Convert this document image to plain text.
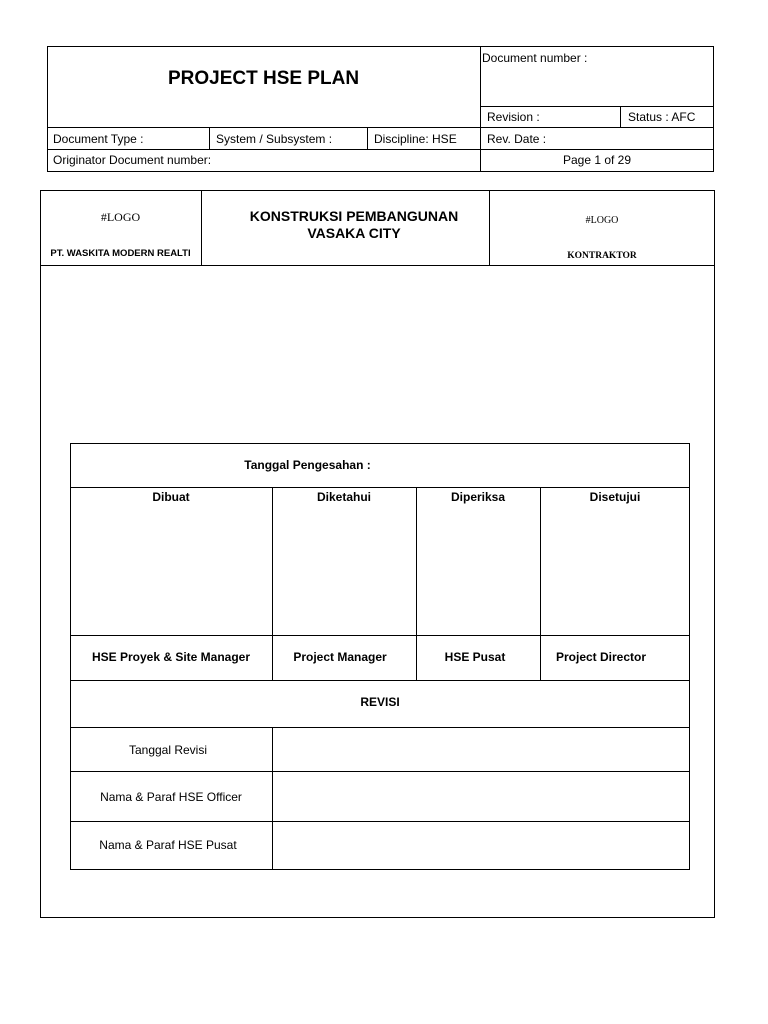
PROJECT HSE PLAN
Document number :
Revision :	Status : AFC
Document Type :	System / Subsystem :	Discipline: HSE	Rev. Date :
Originator Document number:	Page 1 of 29
#LOGO
PT. WASKITA MODERN REALTI
KONSTRUKSI PEMBANGUNAN VASAKA CITY
#LOGO
KONTRAKTOR
Tanggal Pengesahan :
Dibuat	Diketahui	Diperiksa	Disetujui
HSE Proyek & Site Manager	Project Manager	HSE Pusat	Project Director
REVISI
Tanggal Revisi
Nama & Paraf HSE Officer
Nama & Paraf HSE Pusat
